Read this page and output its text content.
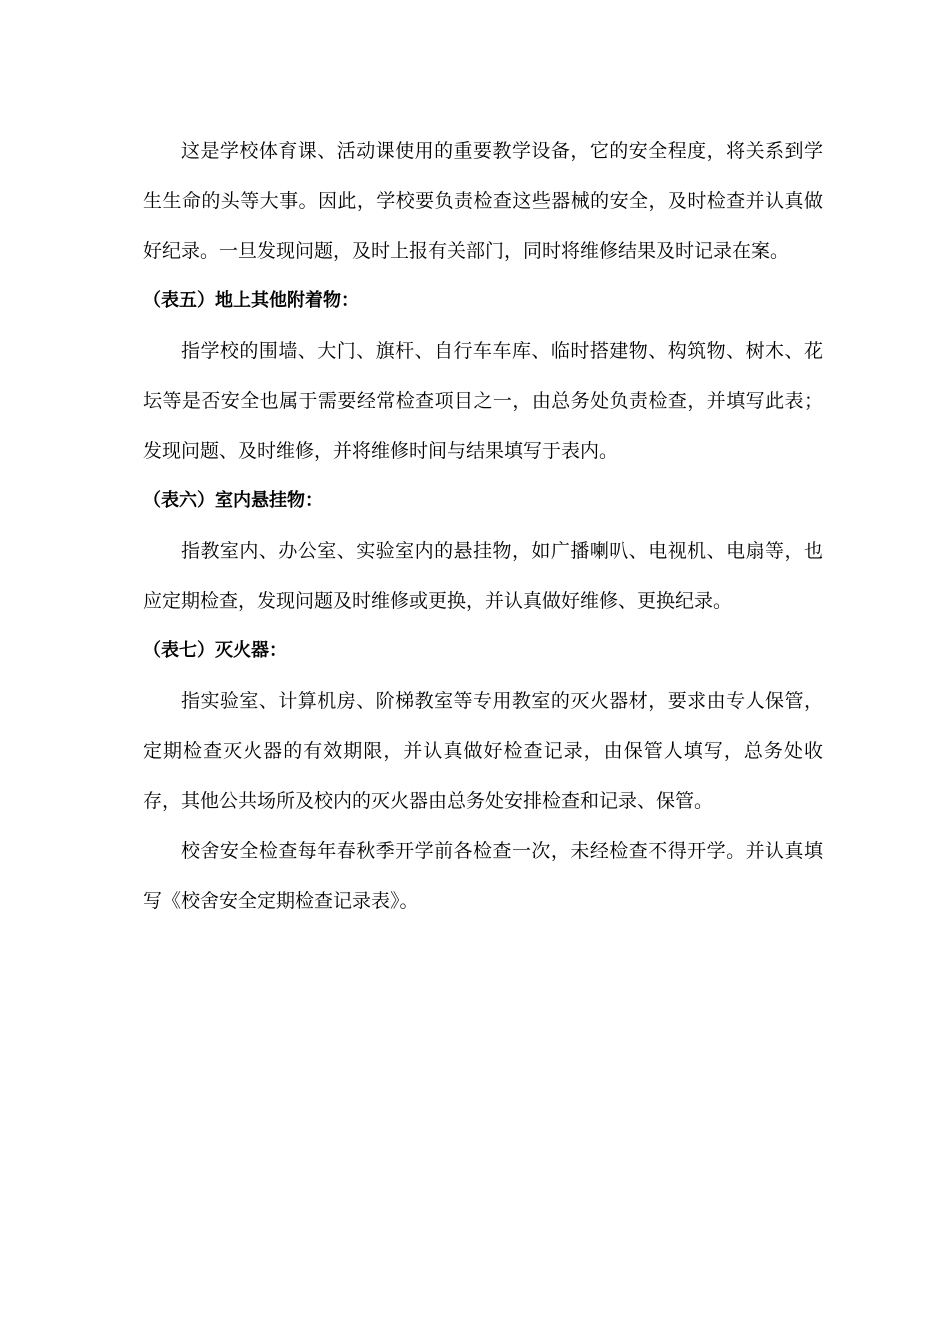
这是学校体育课、活动课使用的重要教学设备，它的安全程度，将关系到学生生命的头等大事。因此，学校要负责检查这些器械的安全，及时检查并认真做好纪录。一旦发现问题，及时上报有关部门，同时将维修结果及时记录在案。

（表五）地上其他附着物：

指学校的围墙、大门、旗杆、自行车车库、临时搭建物、构筑物、树木、花坛等是否安全也属于需要经常检查项目之一，由总务处负责检查，并填写此表；发现问题、及时维修，并将维修时间与结果填写于表内。

（表六）室内悬挂物：

指教室内、办公室、实验室内的悬挂物，如广播喇叭、电视机、电扇等，也应定期检查，发现问题及时维修或更换，并认真做好维修、更换纪录。

（表七）灭火器：

指实验室、计算机房、阶梯教室等专用教室的灭火器材，要求由专人保管，定期检查灭火器的有效期限，并认真做好检查记录，由保管人填写，总务处收存，其他公共场所及校内的灭火器由总务处安排检查和记录、保管。

校舍安全检查每年春秋季开学前各检查一次，未经检查不得开学。并认真填写《校舍安全定期检查记录表》。
